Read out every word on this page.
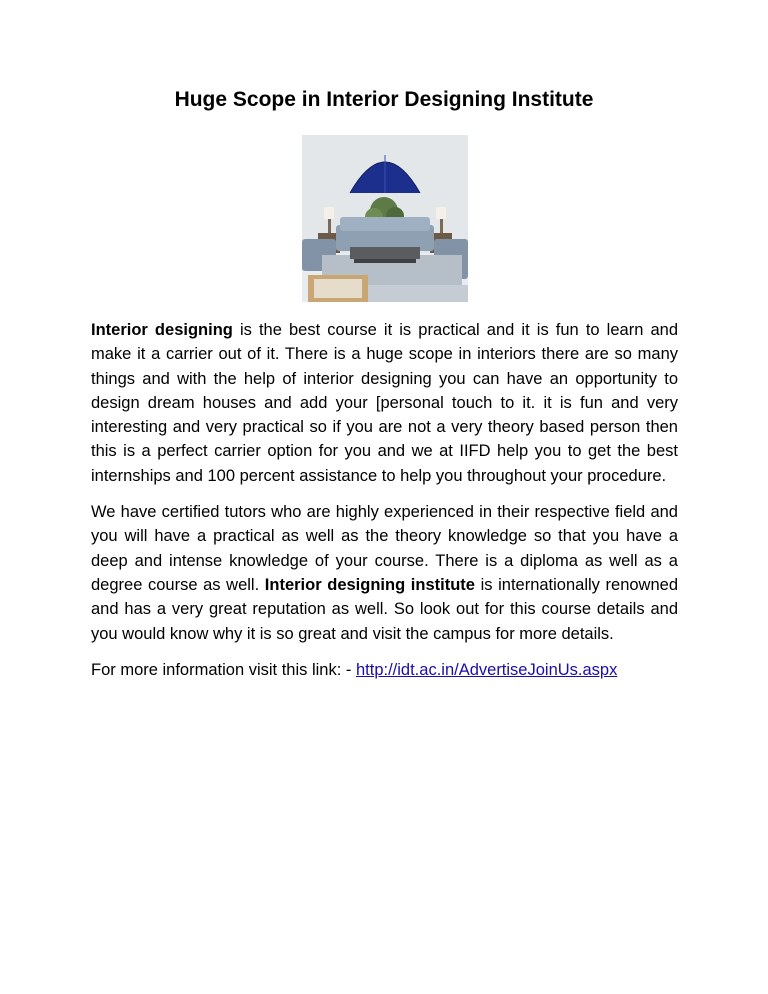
Huge Scope in Interior Designing Institute

Interior designing is the best course it is practical and it is fun to learn and make it a carrier out of it. There is a huge scope in interiors there are so many things and with the help of interior designing you can have an opportunity to design dream houses and add your [personal touch to it. it is fun and very interesting and very practical so if you are not a very theory based person then this is a perfect carrier option for you and we at IIFD help you to get the best internships and 100 percent assistance to help you throughout your procedure.

We have certified tutors who are highly experienced in their respective field and you will have a practical as well as the theory knowledge so that you have a deep and intense knowledge of your course. There is a diploma as well as a degree course as well. Interior designing institute is internationally renowned and has a very great reputation as well. So look out for this course details and you would know why it is so great and visit the campus for more details.

For more information visit this link: - http://idt.ac.in/AdvertiseJoinUs.aspx
